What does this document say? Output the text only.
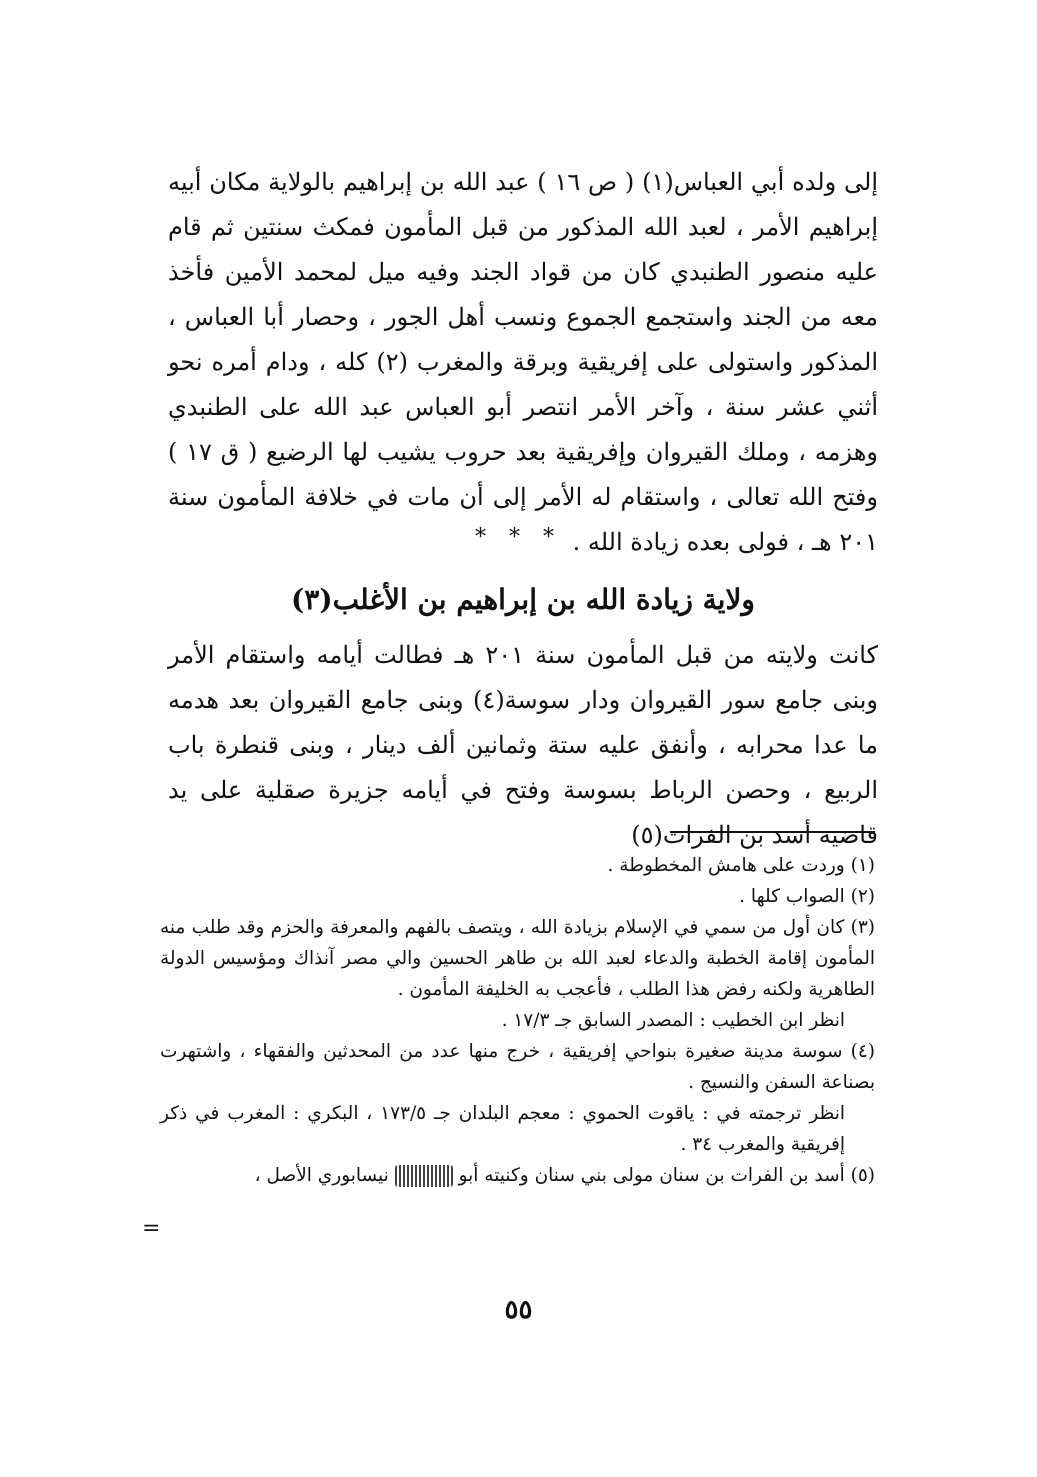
إلى ولده أبي العباس(١) ( ص ١٦ ) عبد الله بن إبراهيم بالولاية مكان أبيه إبراهيم الأمر ، لعبد الله المذكور من قبل المأمون فمكث سنتين ثم قام عليه منصور الطنبدي كان من قواد الجند وفيه ميل لمحمد الأمين فأخذ معه من الجند واستجمع الجموع ونسب أهل الجور ، وحصار أبا العباس ، المذكور واستولى على إفريقية وبرقة والمغرب (٢) كله ، ودام أمره نحو أثني عشر سنة ، وآخر الأمر انتصر أبو العباس عبد الله على الطنبدي وهزمه ، وملك القيروان وإفريقية بعد حروب يشيب لها الرضيع ( ق ١٧ ) وفتح الله تعالى ، واستقام له الأمر إلى أن مات في خلافة المأمون سنة ٢٠١ هـ ، فولى بعده زيادة الله .

* * *
ولاية زيادة الله بن إبراهيم بن الأغلب(٣)

كانت ولايته من قبل المأمون سنة ٢٠١ هـ فطالت أيامه واستقام الأمر وبنى جامع سور القيروان ودار سوسة(٤) وبنى جامع القيروان بعد هدمه ما عدا محرابه ، وأنفق عليه ستة وثمانين ألف دينار ، وبنى قنطرة باب الربيع ، وحصن الرباط بسوسة وفتح في أيامه جزيرة صقلية على يد قاضيه أسد بن الفرات(٥)

(١) وردت على هامش المخطوطة .

(٢) الصواب كلها .

(٣) كان أول من سمي في الإسلام بزيادة الله ، ويتصف بالفهم والمعرفة والحزم وقد طلب منه المأمون إقامة الخطبة والدعاء لعبد الله بن طاهر الحسين والي مصر آنذاك ومؤسيس الدولة الطاهرية ولكنه رفض هذا الطلب ، فأعجب به الخليفة المأمون .

انظر ابن الخطيب : المصدر السابق جـ ١٧/٣ .

(٤) سوسة مدينة صغيرة بنواحي إفريقية ، خرج منها عدد من المحدثين والفقهاء ، واشتهرت بصناعة السفن والنسيج .

انظر ترجمته في : ياقوت الحموي : معجم البلدان جـ ١٧٣/٥ ، البكري : المغرب في ذكر إفريقية والمغرب ٣٤ .

(٥) أسد بن الفرات بن سنان مولى بني سنان وكنيته أبو  نيسابوري الأصل ،

=
٥٥
